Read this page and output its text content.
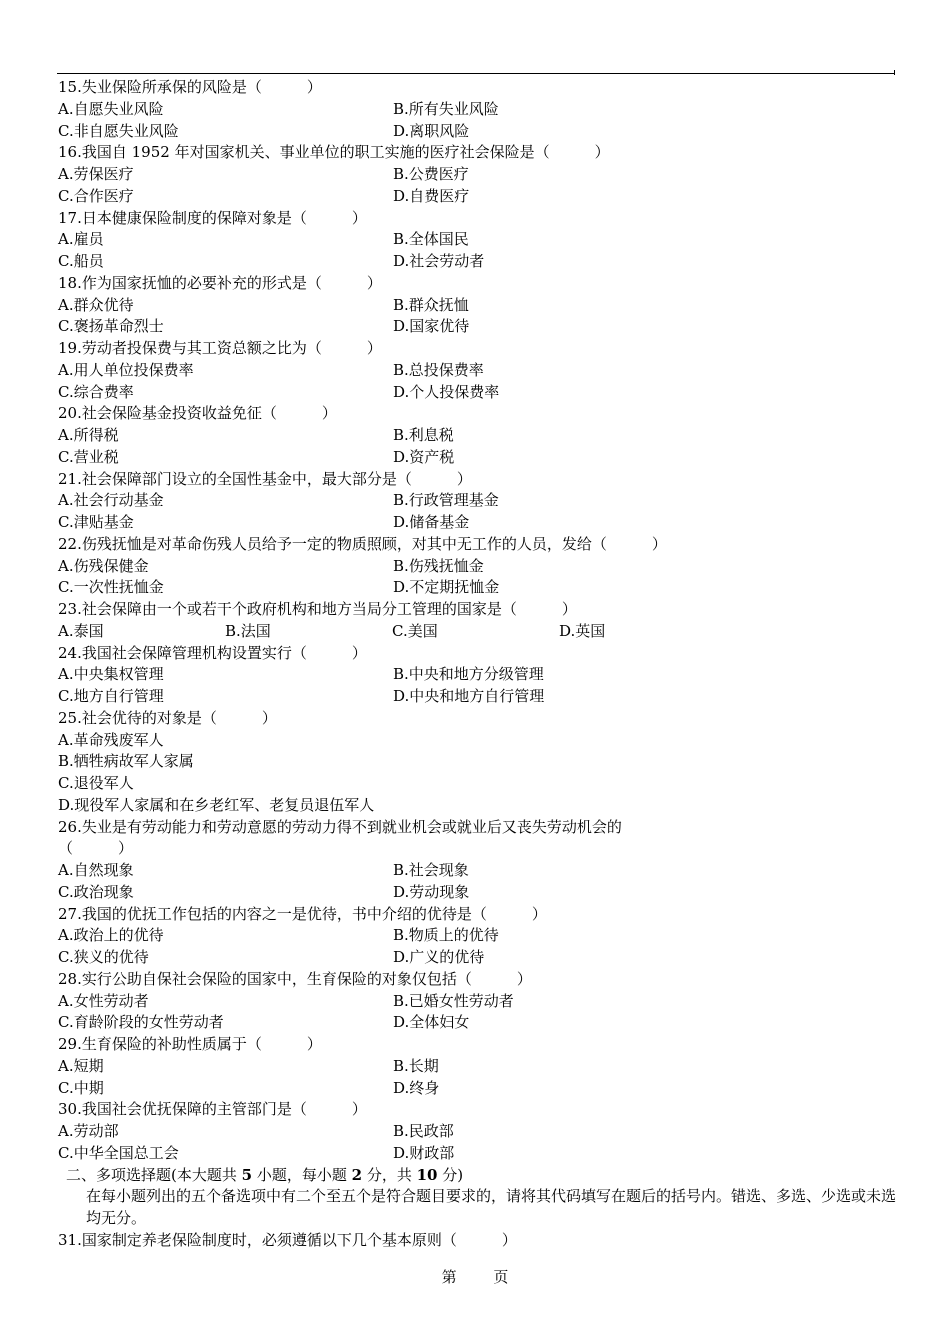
15.失业保险所承保的风险是（　　　）
A.自愿失业风险	B.所有失业风险
C.非自愿失业风险	D.离职风险
16.我国自 1952 年对国家机关、事业单位的职工实施的医疗社会保险是（　　　）
A.劳保医疗	B.公费医疗
C.合作医疗	D.自费医疗
17.日本健康保险制度的保障对象是（　　　）
A.雇员	B.全体国民
C.船员	D.社会劳动者
18.作为国家抚恤的必要补充的形式是（　　　）
A.群众优待	B.群众抚恤
C.褒扬革命烈士	D.国家优待
19.劳动者投保费与其工资总额之比为（　　　）
A.用人单位投保费率	B.总投保费率
C.综合费率	D.个人投保费率
20.社会保险基金投资收益免征（　　　）
A.所得税	B.利息税
C.营业税	D.资产税
21.社会保障部门设立的全国性基金中，最大部分是（　　　）
A.社会行动基金	B.行政管理基金
C.津贴基金	D.储备基金
22.伤残抚恤是对革命伤残人员给予一定的物质照顾，对其中无工作的人员，发给（　　　）
A.伤残保健金	B.伤残抚恤金
C.一次性抚恤金	D.不定期抚恤金
23.社会保障由一个或若干个政府机构和地方当局分工管理的国家是（　　　）
A.泰国	B.法国	C.美国	D.英国
24.我国社会保障管理机构设置实行（　　　）
A.中央集权管理	B.中央和地方分级管理
C.地方自行管理	D.中央和地方自行管理
25.社会优待的对象是（　　　）
A.革命残废军人
B.牺牲病故军人家属
C.退役军人
D.现役军人家属和在乡老红军、老复员退伍军人
26.失业是有劳动能力和劳动意愿的劳动力得不到就业机会或就业后又丧失劳动机会的
（　　　）
A.自然现象	B.社会现象
C.政治现象	D.劳动现象
27.我国的优抚工作包括的内容之一是优待，书中介绍的优待是（　　　）
A.政治上的优待	B.物质上的优待
C.狭义的优待	D.广义的优待
28.实行公助自保社会保险的国家中，生育保险的对象仅包括（　　　）
A.女性劳动者	B.已婚女性劳动者
C.育龄阶段的女性劳动者	D.全体妇女
29.生育保险的补助性质属于（　　　）
A.短期	B.长期
C.中期	D.终身
30.我国社会优抚保障的主管部门是（　　　）
A.劳动部	B.民政部
C.中华全国总工会	D.财政部
二、多项选择题(本大题共 5 小题，每小题 2 分，共 10 分)
在每小题列出的五个备选项中有二个至五个是符合题目要求的，请将其代码填写在题后的括号内。错选、多选、少选或未选均无分。
31.国家制定养老保险制度时，必须遵循以下几个基本原则（　　　）
第 页
